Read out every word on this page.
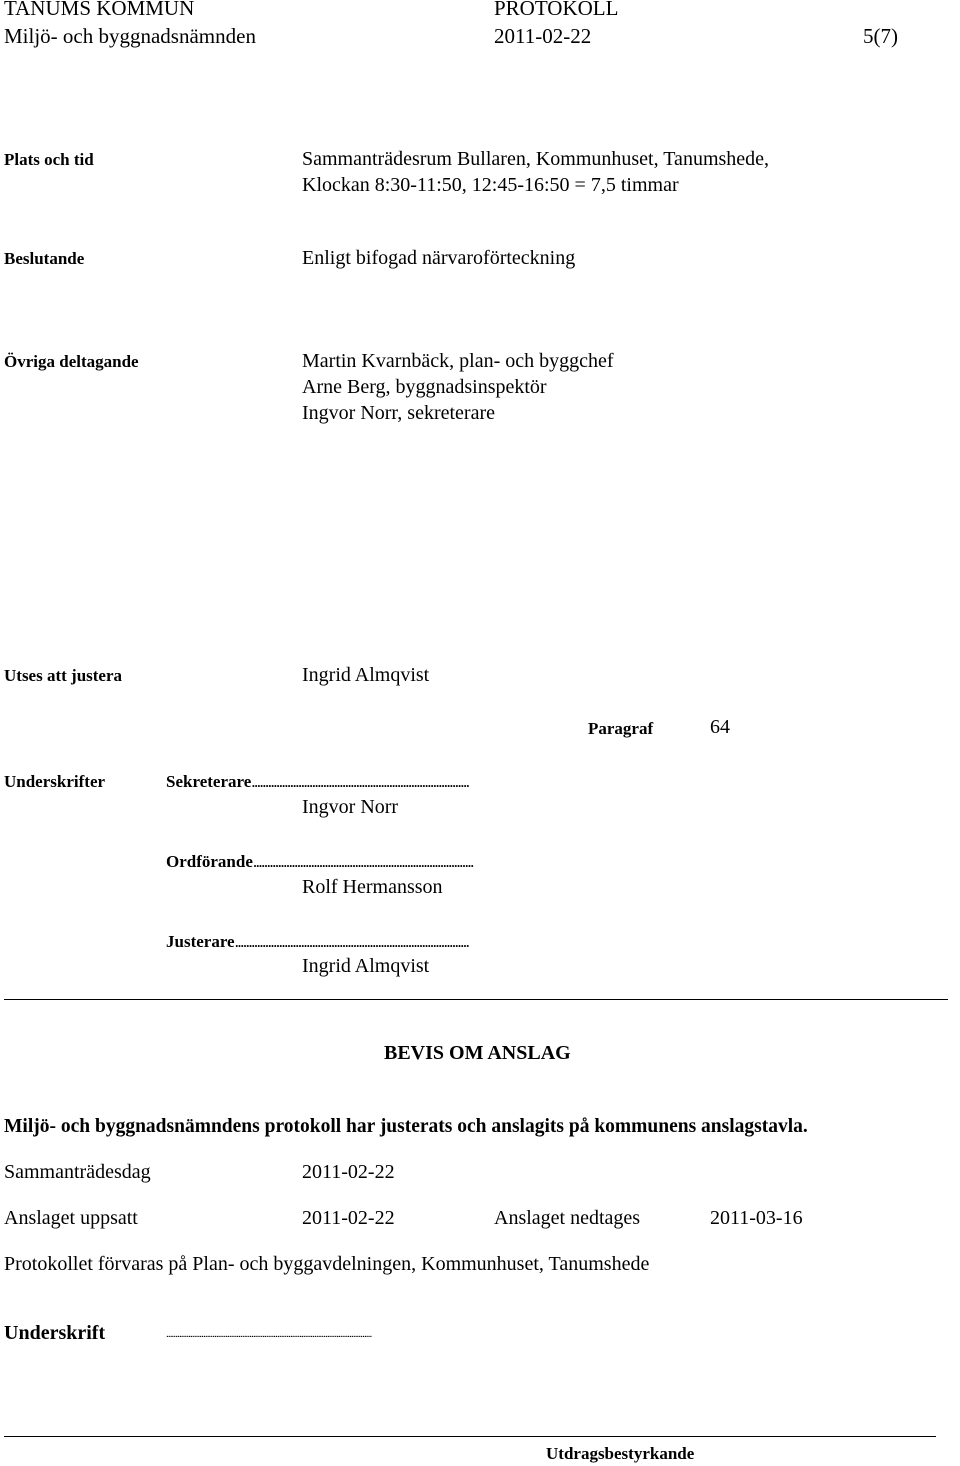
TANUMS KOMMUN	PROTOKOLL
Miljö- och byggnadsnämnden	2011-02-22	5(7)
Plats och tid	Sammanträdesrum Bullaren, Kommunhuset, Tanumshede,
Klockan 8:30-11:50, 12:45-16:50 = 7,5 timmar
Beslutande	Enligt bifogad närvaroförteckning
Övriga deltagande	Martin Kvarnbäck, plan- och byggchef
Arne Berg, byggnadsinspektör
Ingvor Norr, sekreterare
Utses att justera	Ingrid Almqvist
Paragraf	64
Underskrifter	Sekreterare...............................................................................
Ingvor Norr
Ordförande................................................................................
Rolf Hermansson
Justerare.....................................................................................
Ingrid Almqvist
BEVIS OM ANSLAG
Miljö- och byggnadsnämndens protokoll har justerats och anslagits på kommunens anslagstavla.
Sammanträdesdag	2011-02-22
Anslaget uppsatt	2011-02-22	Anslaget nedtages	2011-03-16
Protokollet förvaras på Plan- och byggavdelningen, Kommunhuset, Tanumshede
Underskrift	...............................................................................................................
Utdragsbestyrkande
